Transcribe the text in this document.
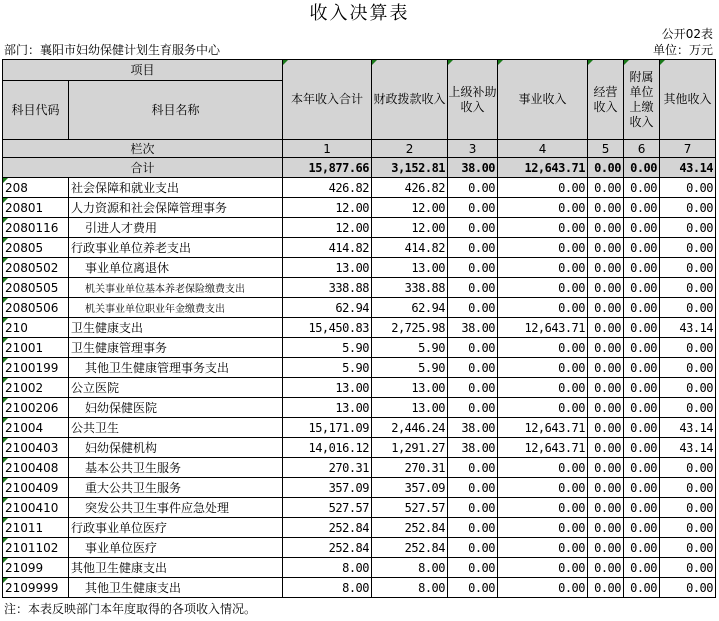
收入决算表
公开02表
部门：襄阳市妇幼保健计划生育服务中心	单位：万元
项目		本年收入合计	财政拨款收入	上级补助收入	事业收入	经营收入	附属单位上缴收入	其他收入
科目代码	科目名称							
栏次		1	2	3	4	5	6	7
合计		15,877.66	3,152.81	38.00	12,643.71	0.00	0.00	43.14
208	社会保障和就业支出	426.82	426.82	0.00	0.00	0.00	0.00	0.00
20801	人力资源和社会保障管理事务	12.00	12.00	0.00	0.00	0.00	0.00	0.00
2080116	引进人才费用	12.00	12.00	0.00	0.00	0.00	0.00	0.00
20805	行政事业单位养老支出	414.82	414.82	0.00	0.00	0.00	0.00	0.00
2080502	事业单位离退休	13.00	13.00	0.00	0.00	0.00	0.00	0.00
2080505	机关事业单位基本养老保险缴费支出	338.88	338.88	0.00	0.00	0.00	0.00	0.00
2080506	机关事业单位职业年金缴费支出	62.94	62.94	0.00	0.00	0.00	0.00	0.00
210	卫生健康支出	15,450.83	2,725.98	38.00	12,643.71	0.00	0.00	43.14
21001	卫生健康管理事务	5.90	5.90	0.00	0.00	0.00	0.00	0.00
2100199	其他卫生健康管理事务支出	5.90	5.90	0.00	0.00	0.00	0.00	0.00
21002	公立医院	13.00	13.00	0.00	0.00	0.00	0.00	0.00
2100206	妇幼保健医院	13.00	13.00	0.00	0.00	0.00	0.00	0.00
21004	公共卫生	15,171.09	2,446.24	38.00	12,643.71	0.00	0.00	43.14
2100403	妇幼保健机构	14,016.12	1,291.27	38.00	12,643.71	0.00	0.00	43.14
2100408	基本公共卫生服务	270.31	270.31	0.00	0.00	0.00	0.00	0.00
2100409	重大公共卫生服务	357.09	357.09	0.00	0.00	0.00	0.00	0.00
2100410	突发公共卫生事件应急处理	527.57	527.57	0.00	0.00	0.00	0.00	0.00
21011	行政事业单位医疗	252.84	252.84	0.00	0.00	0.00	0.00	0.00
2101102	事业单位医疗	252.84	252.84	0.00	0.00	0.00	0.00	0.00
21099	其他卫生健康支出	8.00	8.00	0.00	0.00	0.00	0.00	0.00
2109999	其他卫生健康支出	8.00	8.00	0.00	0.00	0.00	0.00	0.00
注：本表反映部门本年度取得的各项收入情况。
